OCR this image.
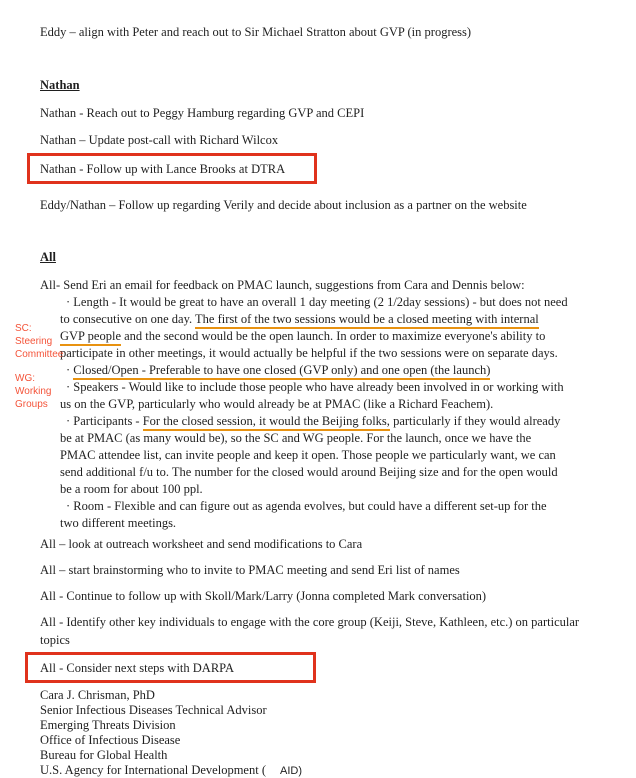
Eddy – align with Peter and reach out to Sir Michael Stratton about GVP (in progress)

Nathan

Nathan - Reach out to Peggy Hamburg regarding GVP and CEPI

Nathan – Update post-call with Richard Wilcox

Nathan - Follow up with Lance Brooks at DTRA

Eddy/Nathan – Follow up regarding Verily and decide about inclusion as a partner on the website

All

All- Send Eri an email for feedback on PMAC launch, suggestions from Cara and Dennis below:

· Length - It would be great to have an overall 1 day meeting (2 1/2day sessions) - but does not need
to consecutive on one day. The first of the two sessions would be a closed meeting with internal
GVP people and the second would be the open launch. In order to maximize everyone's ability to
participate in other meetings, it would actually be helpful if the two sessions were on separate days.
· Closed/Open - Preferable to have one closed (GVP only) and one open (the launch)
· Speakers - Would like to include those people who have already been involved in or working with
us on the GVP, particularly who would already be at PMAC (like a Richard Feachem).
· Participants - For the closed session, it would the Beijing folks, particularly if they would already
be at PMAC (as many would be), so the SC and WG people. For the launch, once we have the
PMAC attendee list, can invite people and keep it open. Those people we particularly want, we can
send additional f/u to. The number for the closed would around Beijing size and for the open would
be a room for about 100 ppl.
· Room - Flexible and can figure out as agenda evolves, but could have a different set-up for the
two different meetings.

All – look at outreach worksheet and send modifications to Cara

All – start brainstorming who to invite to PMAC meeting and send Eri list of names

All - Continue to follow up with Skoll/Mark/Larry (Jonna completed Mark conversation)

All - Identify other key individuals to engage with the core group (Keiji, Steve, Kathleen, etc.) on particular

topics

All - Consider next steps with DARPA

Cara J. Chrisman, PhD

Senior Infectious Diseases Technical Advisor

Emerging Threats Division

Office of Infectious Disease

Bureau for Global Health

U.S. Agency for International Development ( AID)

SC:
Steering
Committee
WG:
Working
Groups
